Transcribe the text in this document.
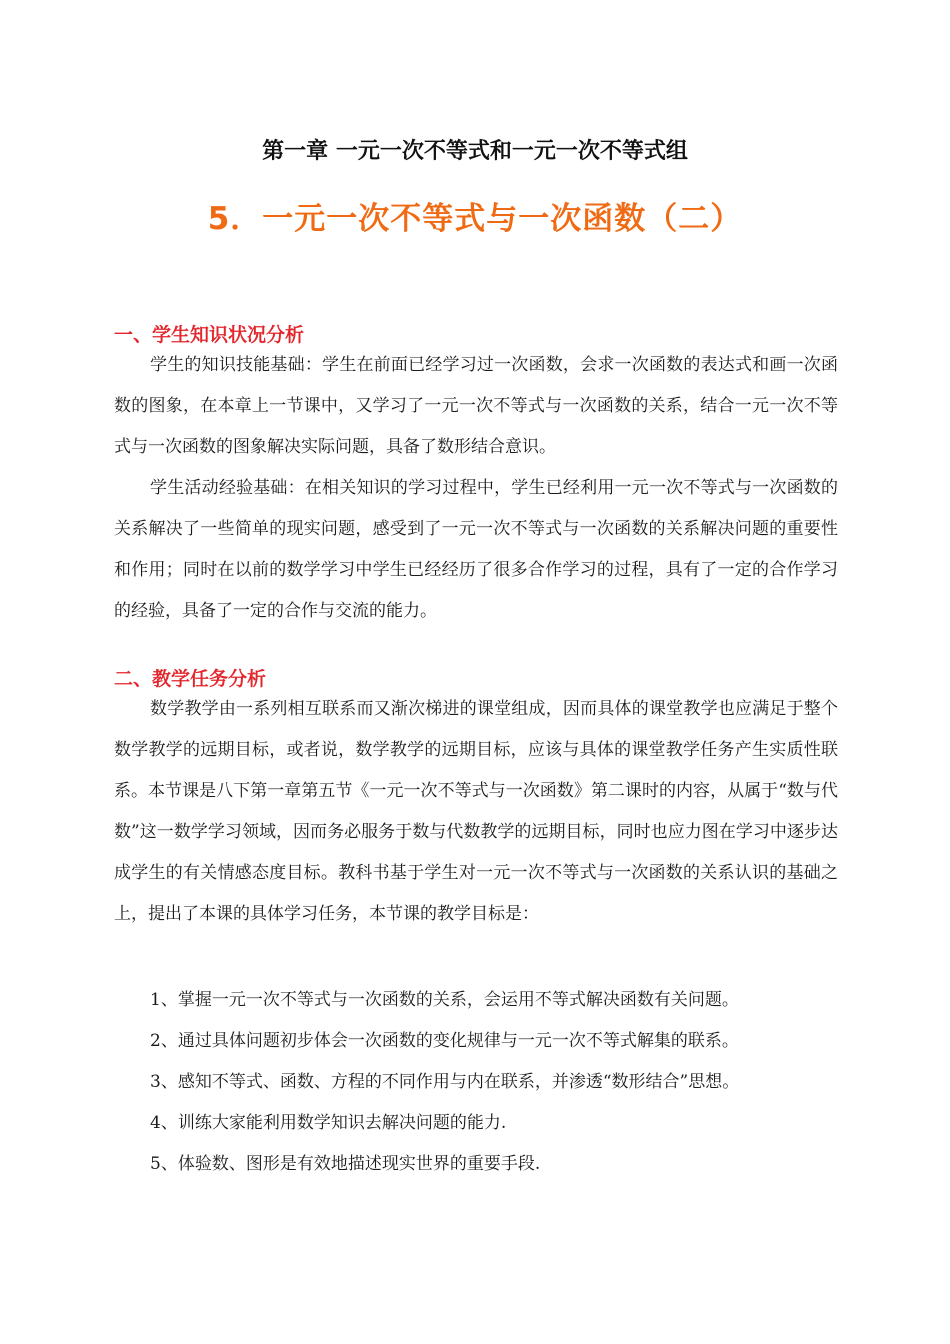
第一章 一元一次不等式和一元一次不等式组
5．一元一次不等式与一次函数（二）
一、学生知识状况分析

学生的知识技能基础：学生在前面已经学习过一次函数，会求一次函数的表达式和画一次函数的图象，在本章上一节课中，又学习了一元一次不等式与一次函数的关系，结合一元一次不等式与一次函数的图象解决实际问题，具备了数形结合意识。

学生活动经验基础：在相关知识的学习过程中，学生已经利用一元一次不等式与一次函数的关系解决了一些简单的现实问题，感受到了一元一次不等式与一次函数的关系解决问题的重要性和作用；同时在以前的数学学习中学生已经经历了很多合作学习的过程，具有了一定的合作学习的经验，具备了一定的合作与交流的能力。

二、教学任务分析

数学教学由一系列相互联系而又渐次梯进的课堂组成，因而具体的课堂教学也应满足于整个数学教学的远期目标，或者说，数学教学的远期目标，应该与具体的课堂教学任务产生实质性联系。本节课是八下第一章第五节《一元一次不等式与一次函数》第二课时的内容，从属于“数与代数”这一数学学习领域，因而务必服务于数与代数教学的远期目标，同时也应力图在学习中逐步达成学生的有关情感态度目标。教科书基于学生对一元一次不等式与一次函数的关系认识的基础之上，提出了本课的具体学习任务，本节课的教学目标是：

1、掌握一元一次不等式与一次函数的关系，会运用不等式解决函数有关问题。
2、通过具体问题初步体会一次函数的变化规律与一元一次不等式解集的联系。
3、感知不等式、函数、方程的不同作用与内在联系，并渗透“数形结合”思想。
4、训练大家能利用数学知识去解决问题的能力.
5、体验数、图形是有效地描述现实世界的重要手段.
